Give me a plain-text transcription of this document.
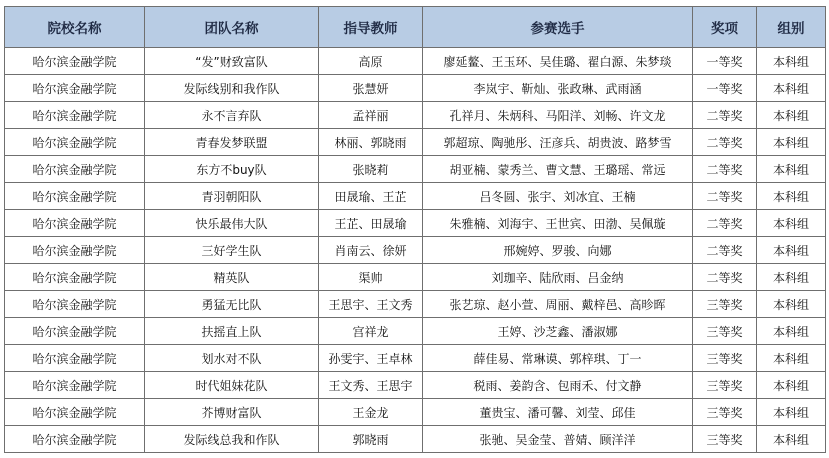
院校名称	团队名称	指导教师	参赛选手	奖项	组别
哈尔滨金融学院	“发”财致富队	高原	廖延鳌、王玉环、吴佳璐、翟白源、朱梦琰	一等奖	本科组
哈尔滨金融学院	发际线别和我作队	张慧妍	李岚宇、靳灿、张政琳、武雨涵	一等奖	本科组
哈尔滨金融学院	永不言弃队	孟祥丽	孔祥月、朱炳科、马阳洋、刘畅、许文龙	二等奖	本科组
哈尔滨金融学院	青春发梦联盟	林丽、郭晓雨	郭超琼、陶驰彤、汪彦兵、胡贵波、路梦雪	二等奖	本科组
哈尔滨金融学院	东方不buy队	张晓莉	胡亚楠、蒙秀兰、曹文慧、王璐瑶、常远	二等奖	本科组
哈尔滨金融学院	青羽朝阳队	田晟瑜、王芷	吕冬圆、张宇、刘冰宜、王楠	二等奖	本科组
哈尔滨金融学院	快乐最伟大队	王芷、田晟瑜	朱雅楠、刘海宇、王世宾、田渤、吴佩璇	二等奖	本科组
哈尔滨金融学院	三好学生队	肖南云、徐妍	邢婉婷、罗骏、向娜	二等奖	本科组
哈尔滨金融学院	精英队	渠帅	刘珈辛、陆欣雨、吕金纳	二等奖	本科组
哈尔滨金融学院	勇猛无比队	王思宇、王文秀	张艺琼、赵小萱、周丽、戴梓邑、高昣晖	三等奖	本科组
哈尔滨金融学院	扶摇直上队	宫祥龙	王婷、沙芝鑫、潘淑娜	三等奖	本科组
哈尔滨金融学院	划水对不队	孙雯宇、王卓林	薛佳易、常琳谟、郭梓琪、丁一	三等奖	本科组
哈尔滨金融学院	时代姐妹花队	王文秀、王思宇	税雨、姜韵含、包雨禾、付文静	三等奖	本科组
哈尔滨金融学院	芥博财富队	王金龙	董贵宝、潘可馨、刘莹、邱佳	三等奖	本科组
哈尔滨金融学院	发际线总我和作队	郭晓雨	张驰、吴金莹、普婧、顾洋洋	三等奖	本科组
